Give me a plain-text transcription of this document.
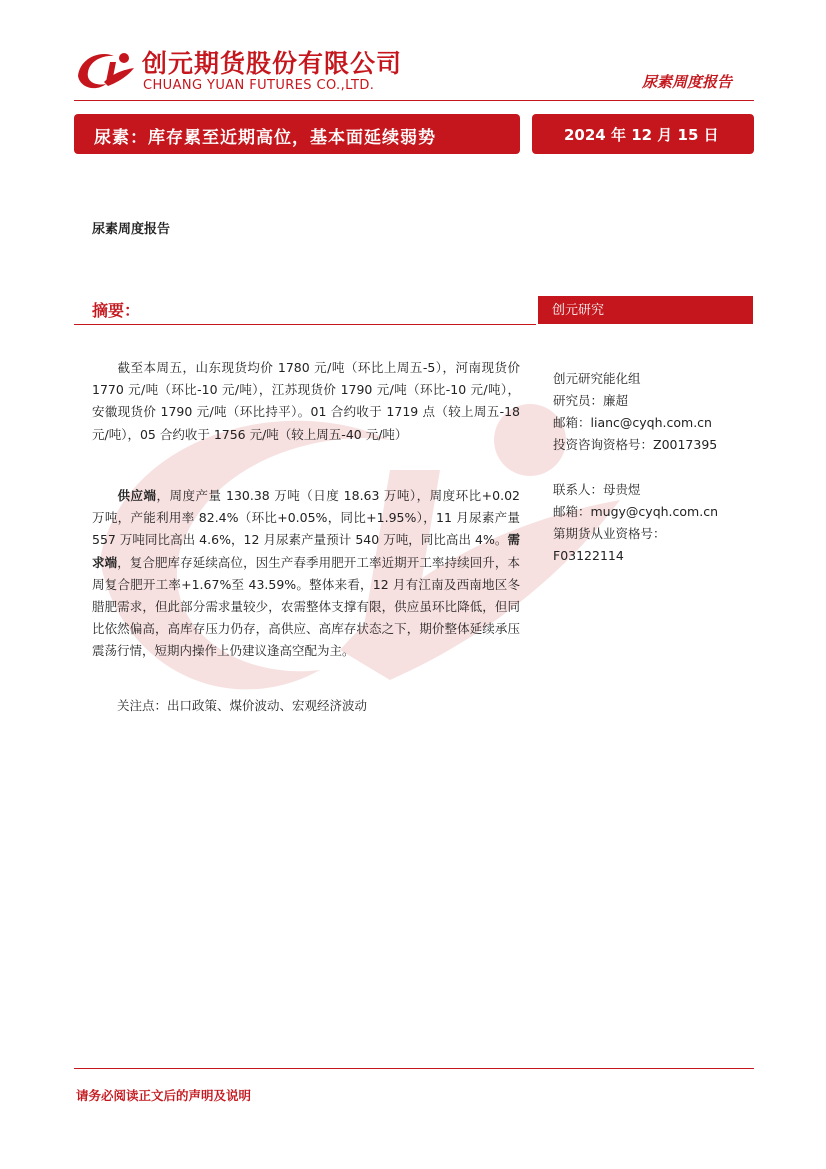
创元期货股份有限公司
CHUANG YUAN FUTURES CO.,LTD.	尿素周度报告
尿素：库存累至近期高位，基本面延续弱势	2024 年 12 月 15 日
尿素周度报告
摘要：	创元研究
截至本周五，山东现货均价 1780 元/吨（环比上周五-5），河南现货价 1770 元/吨（环比-10 元/吨），江苏现货价 1790 元/吨（环比-10 元/吨），安徽现货价 1790 元/吨（环比持平）。01 合约收于 1719 点（较上周五-18 元/吨），05 合约收于 1756 元/吨（较上周五-40 元/吨）
供应端，周度产量 130.38 万吨（日度 18.63 万吨），周度环比+0.02 万吨，产能利用率 82.4%（环比+0.05%，同比+1.95%），11 月尿素产量 557 万吨同比高出 4.6%，12 月尿素产量预计 540 万吨，同比高出 4%。需求端，复合肥库存延续高位，因生产春季用肥开工率近期开工率持续回升，本周复合肥开工率+1.67%至 43.59%。整体来看，12 月有江南及西南地区冬腊肥需求，但此部分需求量较少，农需整体支撑有限，供应虽环比降低，但同比依然偏高，高库存压力仍存，高供应、高库存状态之下，期价整体延续承压震荡行情，短期内操作上仍建议逢高空配为主。
关注点：出口政策、煤价波动、宏观经济波动
创元研究能化组
研究员：廉超
邮箱：lianc@cyqh.com.cn
投资咨询资格号：Z0017395
联系人：母贵煜
邮箱：mugy@cyqh.com.cn
第期货从业资格号：
F03122114
请务必阅读正文后的声明及说明
